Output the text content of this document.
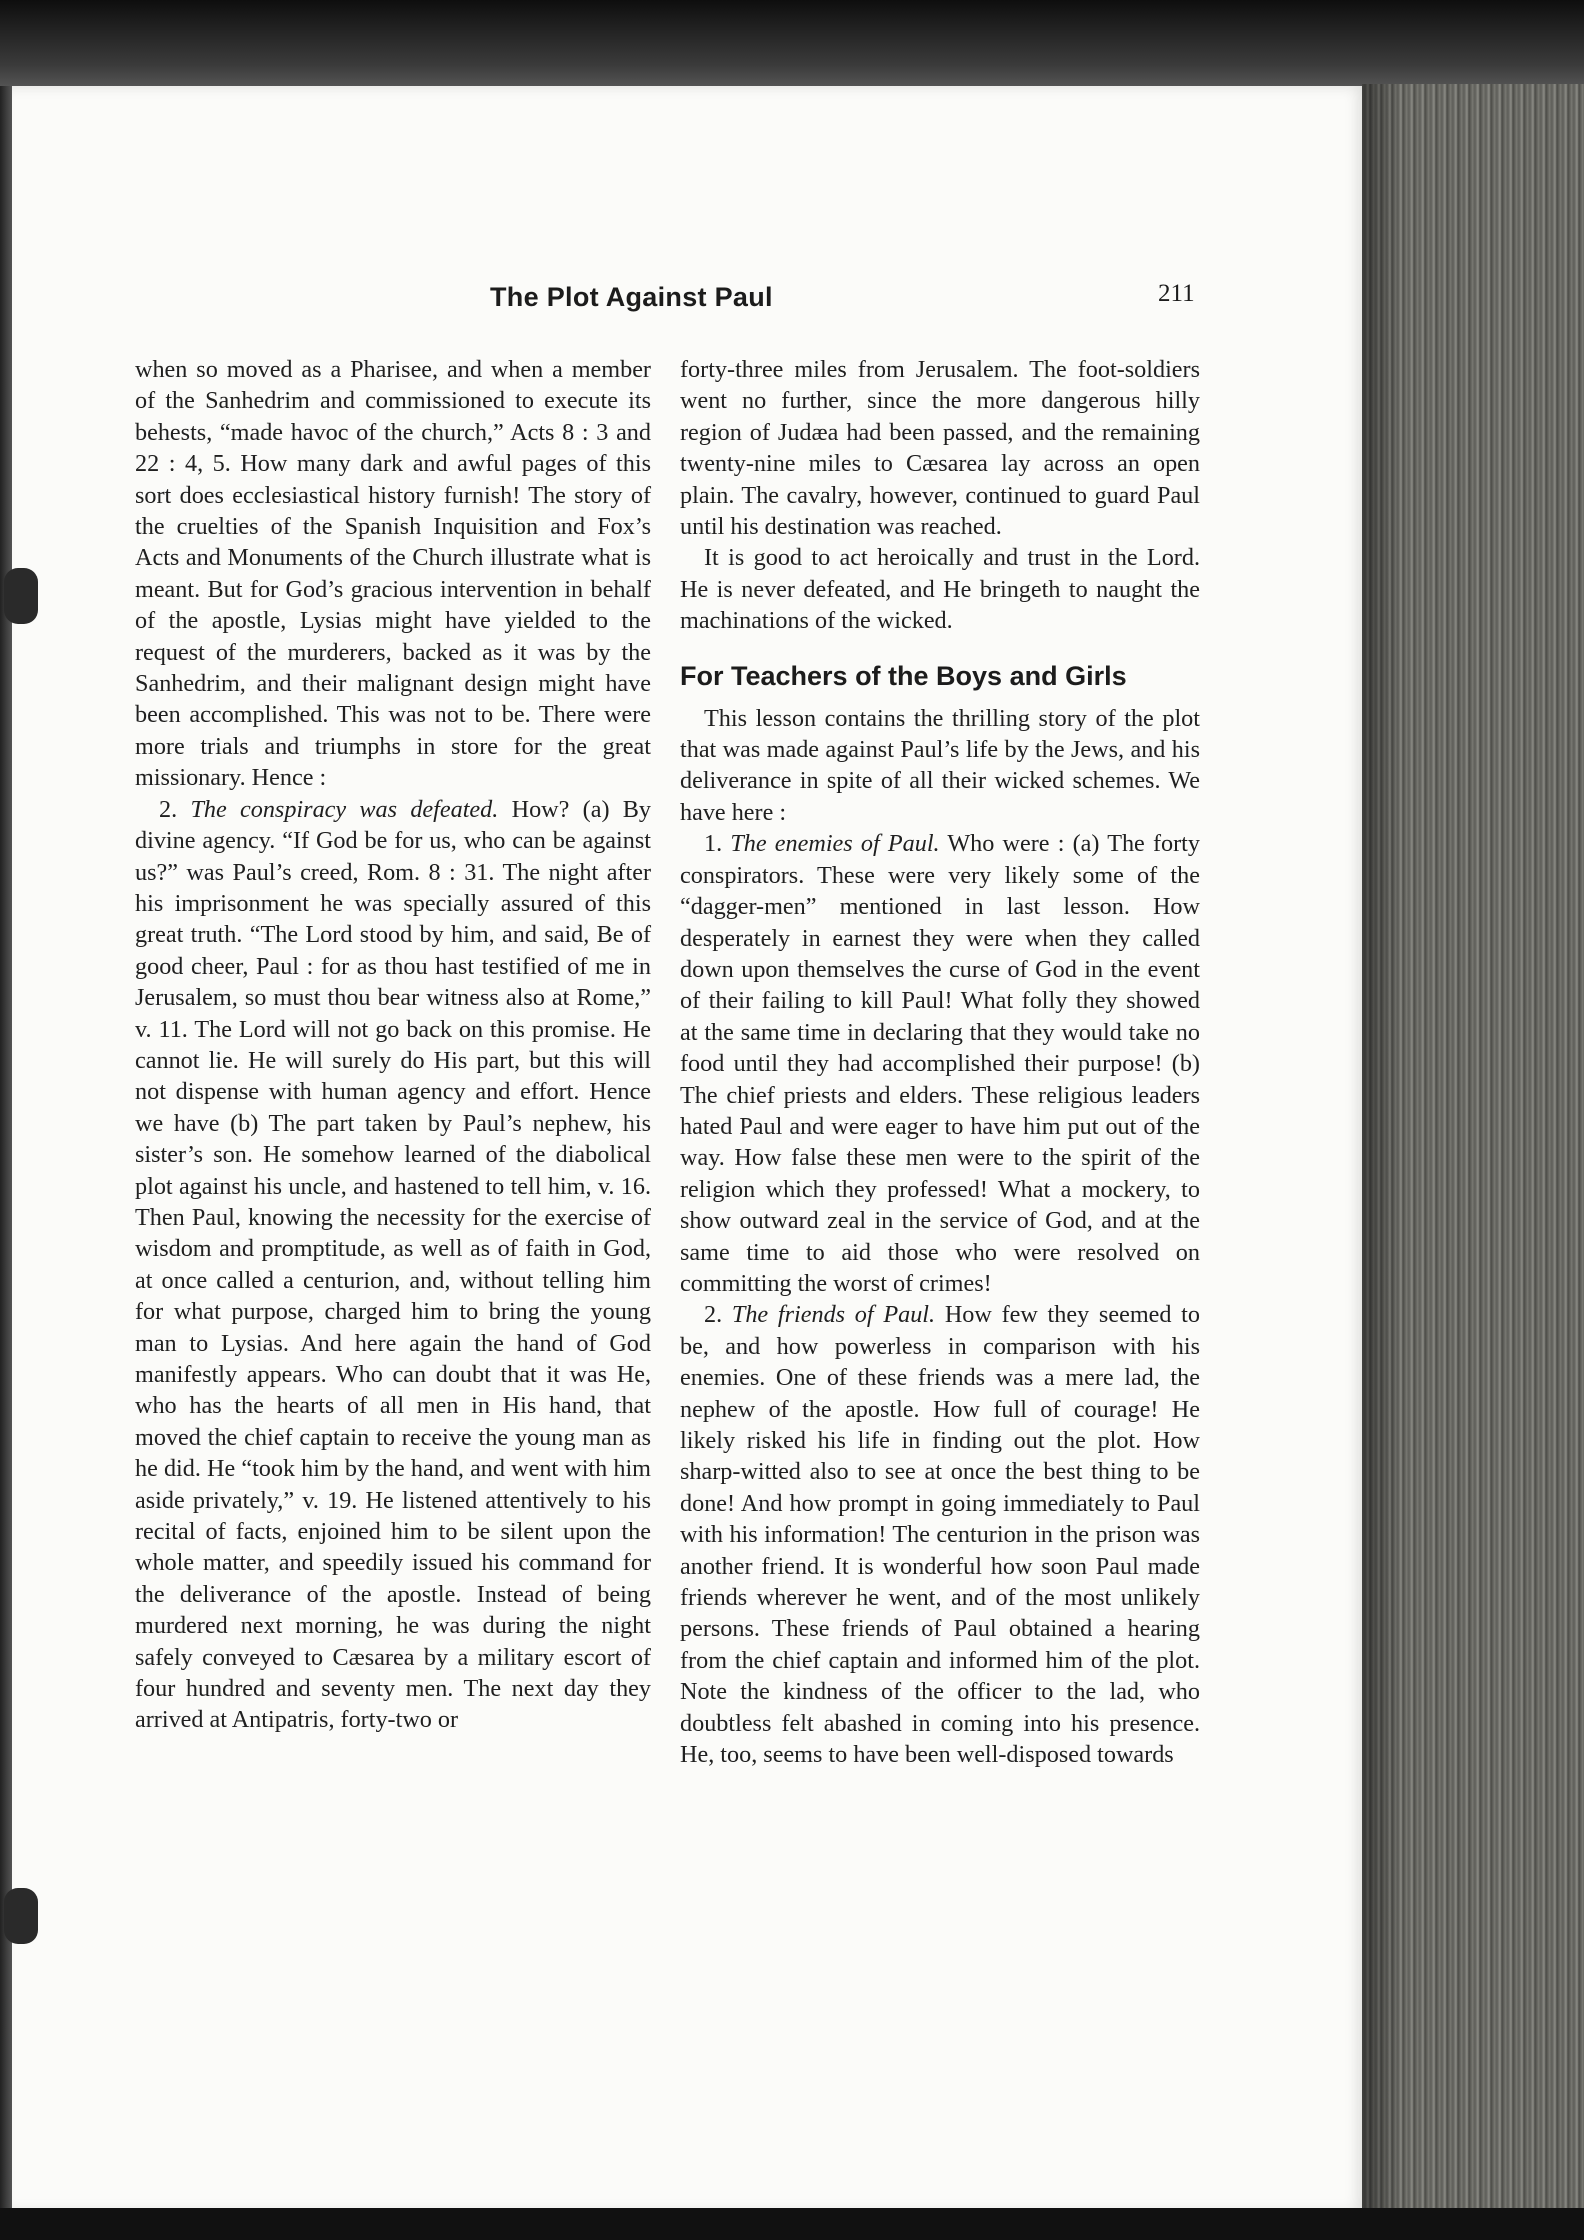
The Plot Against Paul	211

when so moved as a Pharisee, and when a member of the Sanhedrim and commissioned to execute its behests, “made havoc of the church,” Acts 8 : 3 and 22 : 4, 5. How many dark and awful pages of this sort does ecclesiastical history furnish! The story of the cruelties of the Spanish Inquisition and Fox’s Acts and Monuments of the Church illustrate what is meant. But for God’s gracious intervention in behalf of the apostle, Lysias might have yielded to the request of the murderers, backed as it was by the Sanhedrim, and their malignant design might have been accomplished. This was not to be. There were more trials and triumphs in store for the great missionary. Hence :

2. The conspiracy was defeated. How? (a) By divine agency. “If God be for us, who can be against us?” was Paul’s creed, Rom. 8 : 31. The night after his imprisonment he was specially assured of this great truth. “The Lord stood by him, and said, Be of good cheer, Paul : for as thou hast testified of me in Jerusalem, so must thou bear witness also at Rome,” v. 11. The Lord will not go back on this promise. He cannot lie. He will surely do His part, but this will not dispense with human agency and effort. Hence we have (b) The part taken by Paul’s nephew, his sister’s son. He somehow learned of the diabolical plot against his uncle, and hastened to tell him, v. 16. Then Paul, knowing the necessity for the exercise of wisdom and promptitude, as well as of faith in God, at once called a centurion, and, without telling him for what purpose, charged him to bring the young man to Lysias. And here again the hand of God manifestly appears. Who can doubt that it was He, who has the hearts of all men in His hand, that moved the chief captain to receive the young man as he did. He “took him by the hand, and went with him aside privately,” v. 19. He listened attentively to his recital of facts, enjoined him to be silent upon the whole matter, and speedily issued his command for the deliverance of the apostle. Instead of being murdered next morning, he was during the night safely conveyed to Cæsarea by a military escort of four hundred and seventy men. The next day they arrived at Antipatris, forty-two or

forty-three miles from Jerusalem. The foot-soldiers went no further, since the more dangerous hilly region of Judæa had been passed, and the remaining twenty-nine miles to Cæsarea lay across an open plain. The cavalry, however, continued to guard Paul until his destination was reached.

It is good to act heroically and trust in the Lord. He is never defeated, and He bringeth to naught the machinations of the wicked.

For Teachers of the Boys and Girls

This lesson contains the thrilling story of the plot that was made against Paul’s life by the Jews, and his deliverance in spite of all their wicked schemes. We have here :

1. The enemies of Paul. Who were : (a) The forty conspirators. These were very likely some of the “dagger-men” mentioned in last lesson. How desperately in earnest they were when they called down upon themselves the curse of God in the event of their failing to kill Paul! What folly they showed at the same time in declaring that they would take no food until they had accomplished their purpose! (b) The chief priests and elders. These religious leaders hated Paul and were eager to have him put out of the way. How false these men were to the spirit of the religion which they professed! What a mockery, to show outward zeal in the service of God, and at the same time to aid those who were resolved on committing the worst of crimes!

2. The friends of Paul. How few they seemed to be, and how powerless in comparison with his enemies. One of these friends was a mere lad, the nephew of the apostle. How full of courage! He likely risked his life in finding out the plot. How sharp-witted also to see at once the best thing to be done! And how prompt in going immediately to Paul with his information! The centurion in the prison was another friend. It is wonderful how soon Paul made friends wherever he went, and of the most unlikely persons. These friends of Paul obtained a hearing from the chief captain and informed him of the plot. Note the kindness of the officer to the lad, who doubtless felt abashed in coming into his presence. He, too, seems to have been well-disposed towards
